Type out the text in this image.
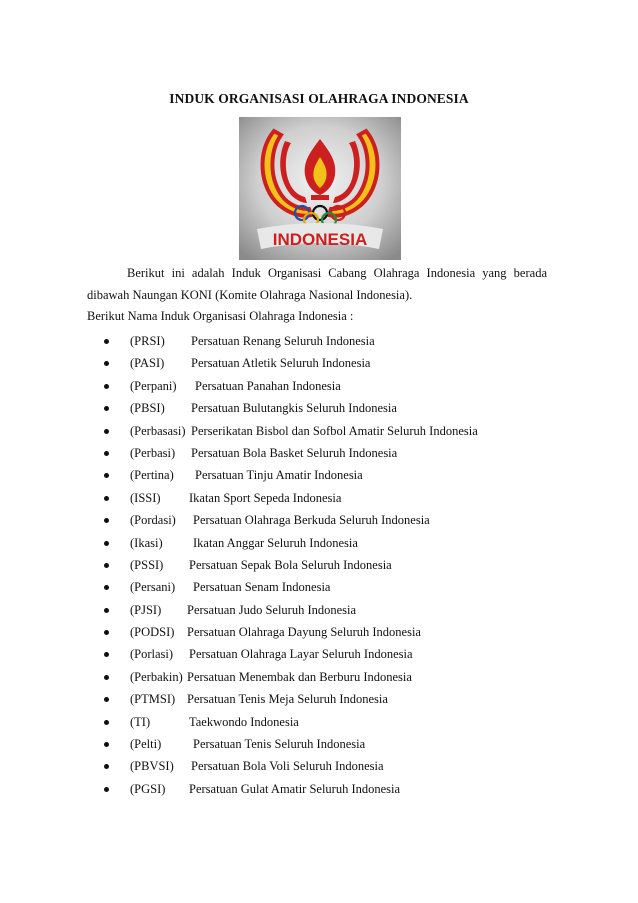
INDUK ORGANISASI OLAHRAGA INDONESIA
INDONESIA
Berikut ini adalah Induk Organisasi Cabang Olahraga Indonesia yang berada
dibawah Naungan KONI (Komite Olahraga Nasional Indonesia).
Berikut Nama Induk Organisasi Olahraga Indonesia :
(PRSI) Persatuan Renang Seluruh Indonesia
(PASI) Persatuan Atletik Seluruh Indonesia
(Perpani) Persatuan Panahan Indonesia
(PBSI) Persatuan Bulutangkis Seluruh Indonesia
(Perbasasi) Perserikatan Bisbol dan Sofbol Amatir Seluruh Indonesia
(Perbasi) Persatuan Bola Basket Seluruh Indonesia
(Pertina) Persatuan Tinju Amatir Indonesia
(ISSI) Ikatan Sport Sepeda Indonesia
(Pordasi) Persatuan Olahraga Berkuda Seluruh Indonesia
(Ikasi) Ikatan Anggar Seluruh Indonesia
(PSSI) Persatuan Sepak Bola Seluruh Indonesia
(Persani) Persatuan Senam Indonesia
(PJSI) Persatuan Judo Seluruh Indonesia
(PODSI) Persatuan Olahraga Dayung Seluruh Indonesia
(Porlasi) Persatuan Olahraga Layar Seluruh Indonesia
(Perbakin) Persatuan Menembak dan Berburu Indonesia
(PTMSI) Persatuan Tenis Meja Seluruh Indonesia
(TI)	Taekwondo Indonesia
(Pelti)	Persatuan Tenis Seluruh Indonesia
(PBVSI) Persatuan Bola Voli Seluruh Indonesia
(PGSI) Persatuan Gulat Amatir Seluruh Indonesia
